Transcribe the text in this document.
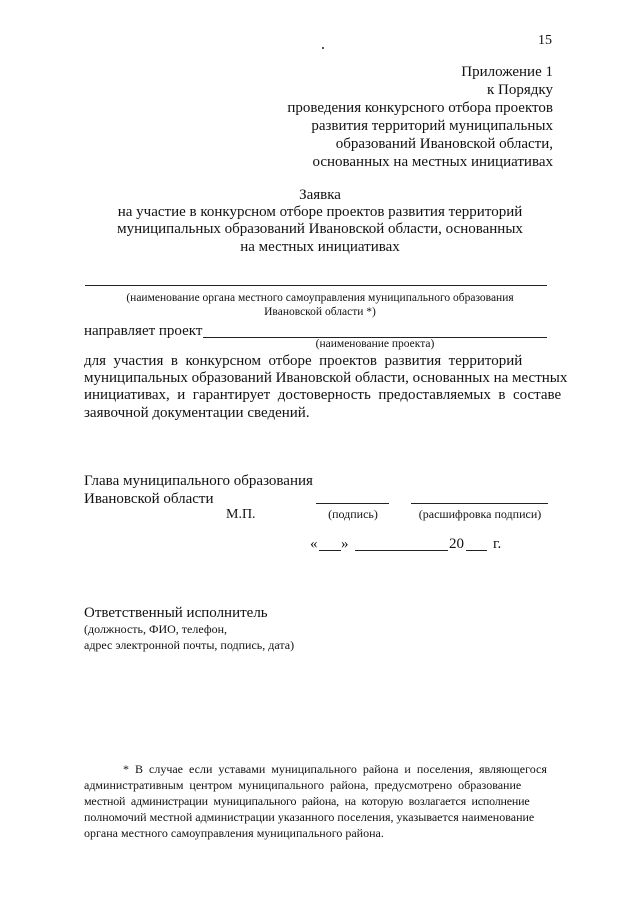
15
Приложение 1
к Порядку
проведения конкурсного отбора проектов
развития территорий муниципальных
образований Ивановской области,
основанных на местных инициативах
Заявка
на участие в конкурсном отборе проектов развития территорий
муниципальных образований Ивановской области, основанных
на местных инициативах
(наименование органа местного самоуправления муниципального образования
Ивановской области *)
направляет проект
(наименование проекта)
для  участия  в  конкурсном  отборе  проектов  развития  территорий
муниципальных образований Ивановской области, основанных на местных
инициативах,  и  гарантирует  достоверность  предоставляемых  в  составе
заявочной документации сведений.
Глава муниципального образования
Ивановской области
М.П.	(подпись)	(расшифровка подписи)
« »	20 г.
Ответственный исполнитель
(должность, ФИО, телефон,
адрес электронной почты, подпись, дата)
*  В  случае  если  уставами  муниципального  района  и  поселения,  являющегося
административным  центром  муниципального  района,  предусмотрено  образование
местной  администрации  муниципального  района,  на  которую  возлагается  исполнение
полномочий местной администрации указанного поселения, указывается наименование
органа местного самоуправления муниципального района.
